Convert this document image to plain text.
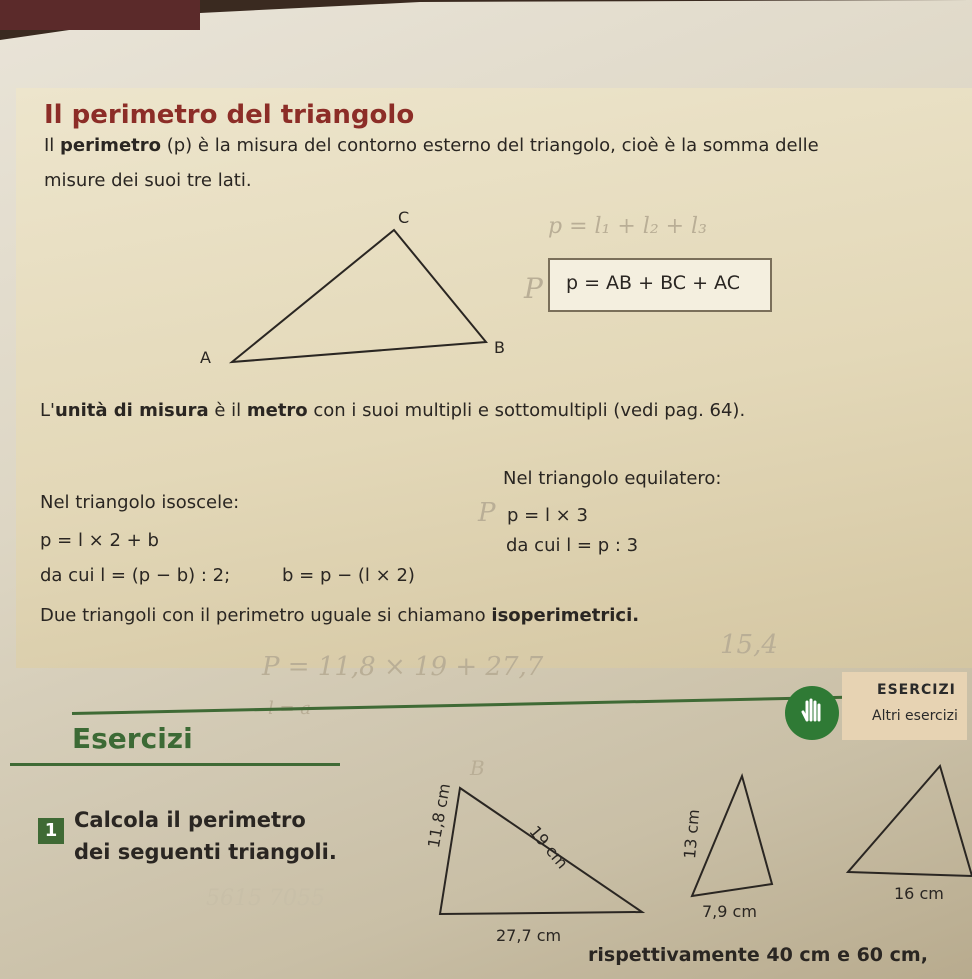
Il perimetro del triangolo
Il perimetro (p) è la misura del contorno esterno del triangolo, cioè è la somma delle
misure dei suoi tre lati.
A
B
C	p = l₁ + l₂ + l₃
P p = AB + BC + AC
L'unità di misura è il metro con i suoi multipli e sottomultipli (vedi pag. 64).
Nel triangolo isoscele:
p = l × 2 + b
da cui l = (p − b) : 2;	b = p − (l × 2)
Nel triangolo equilatero:
P p = l × 3
da cui l = p : 3
Due triangoli con il perimetro uguale si chiamano isoperimetrici.
P = 11,8 × 19 + 27,7
15,4
Esercizi
ESERCIZI
Altri esercizi
1 Calcola il perimetro
dei seguenti triangoli.
B
11,8 cm	19 cm
27,7 cm
13 cm
7,9 cm
16 cm
5615 7055
rispettivamente 40 cm e 60 cm,
